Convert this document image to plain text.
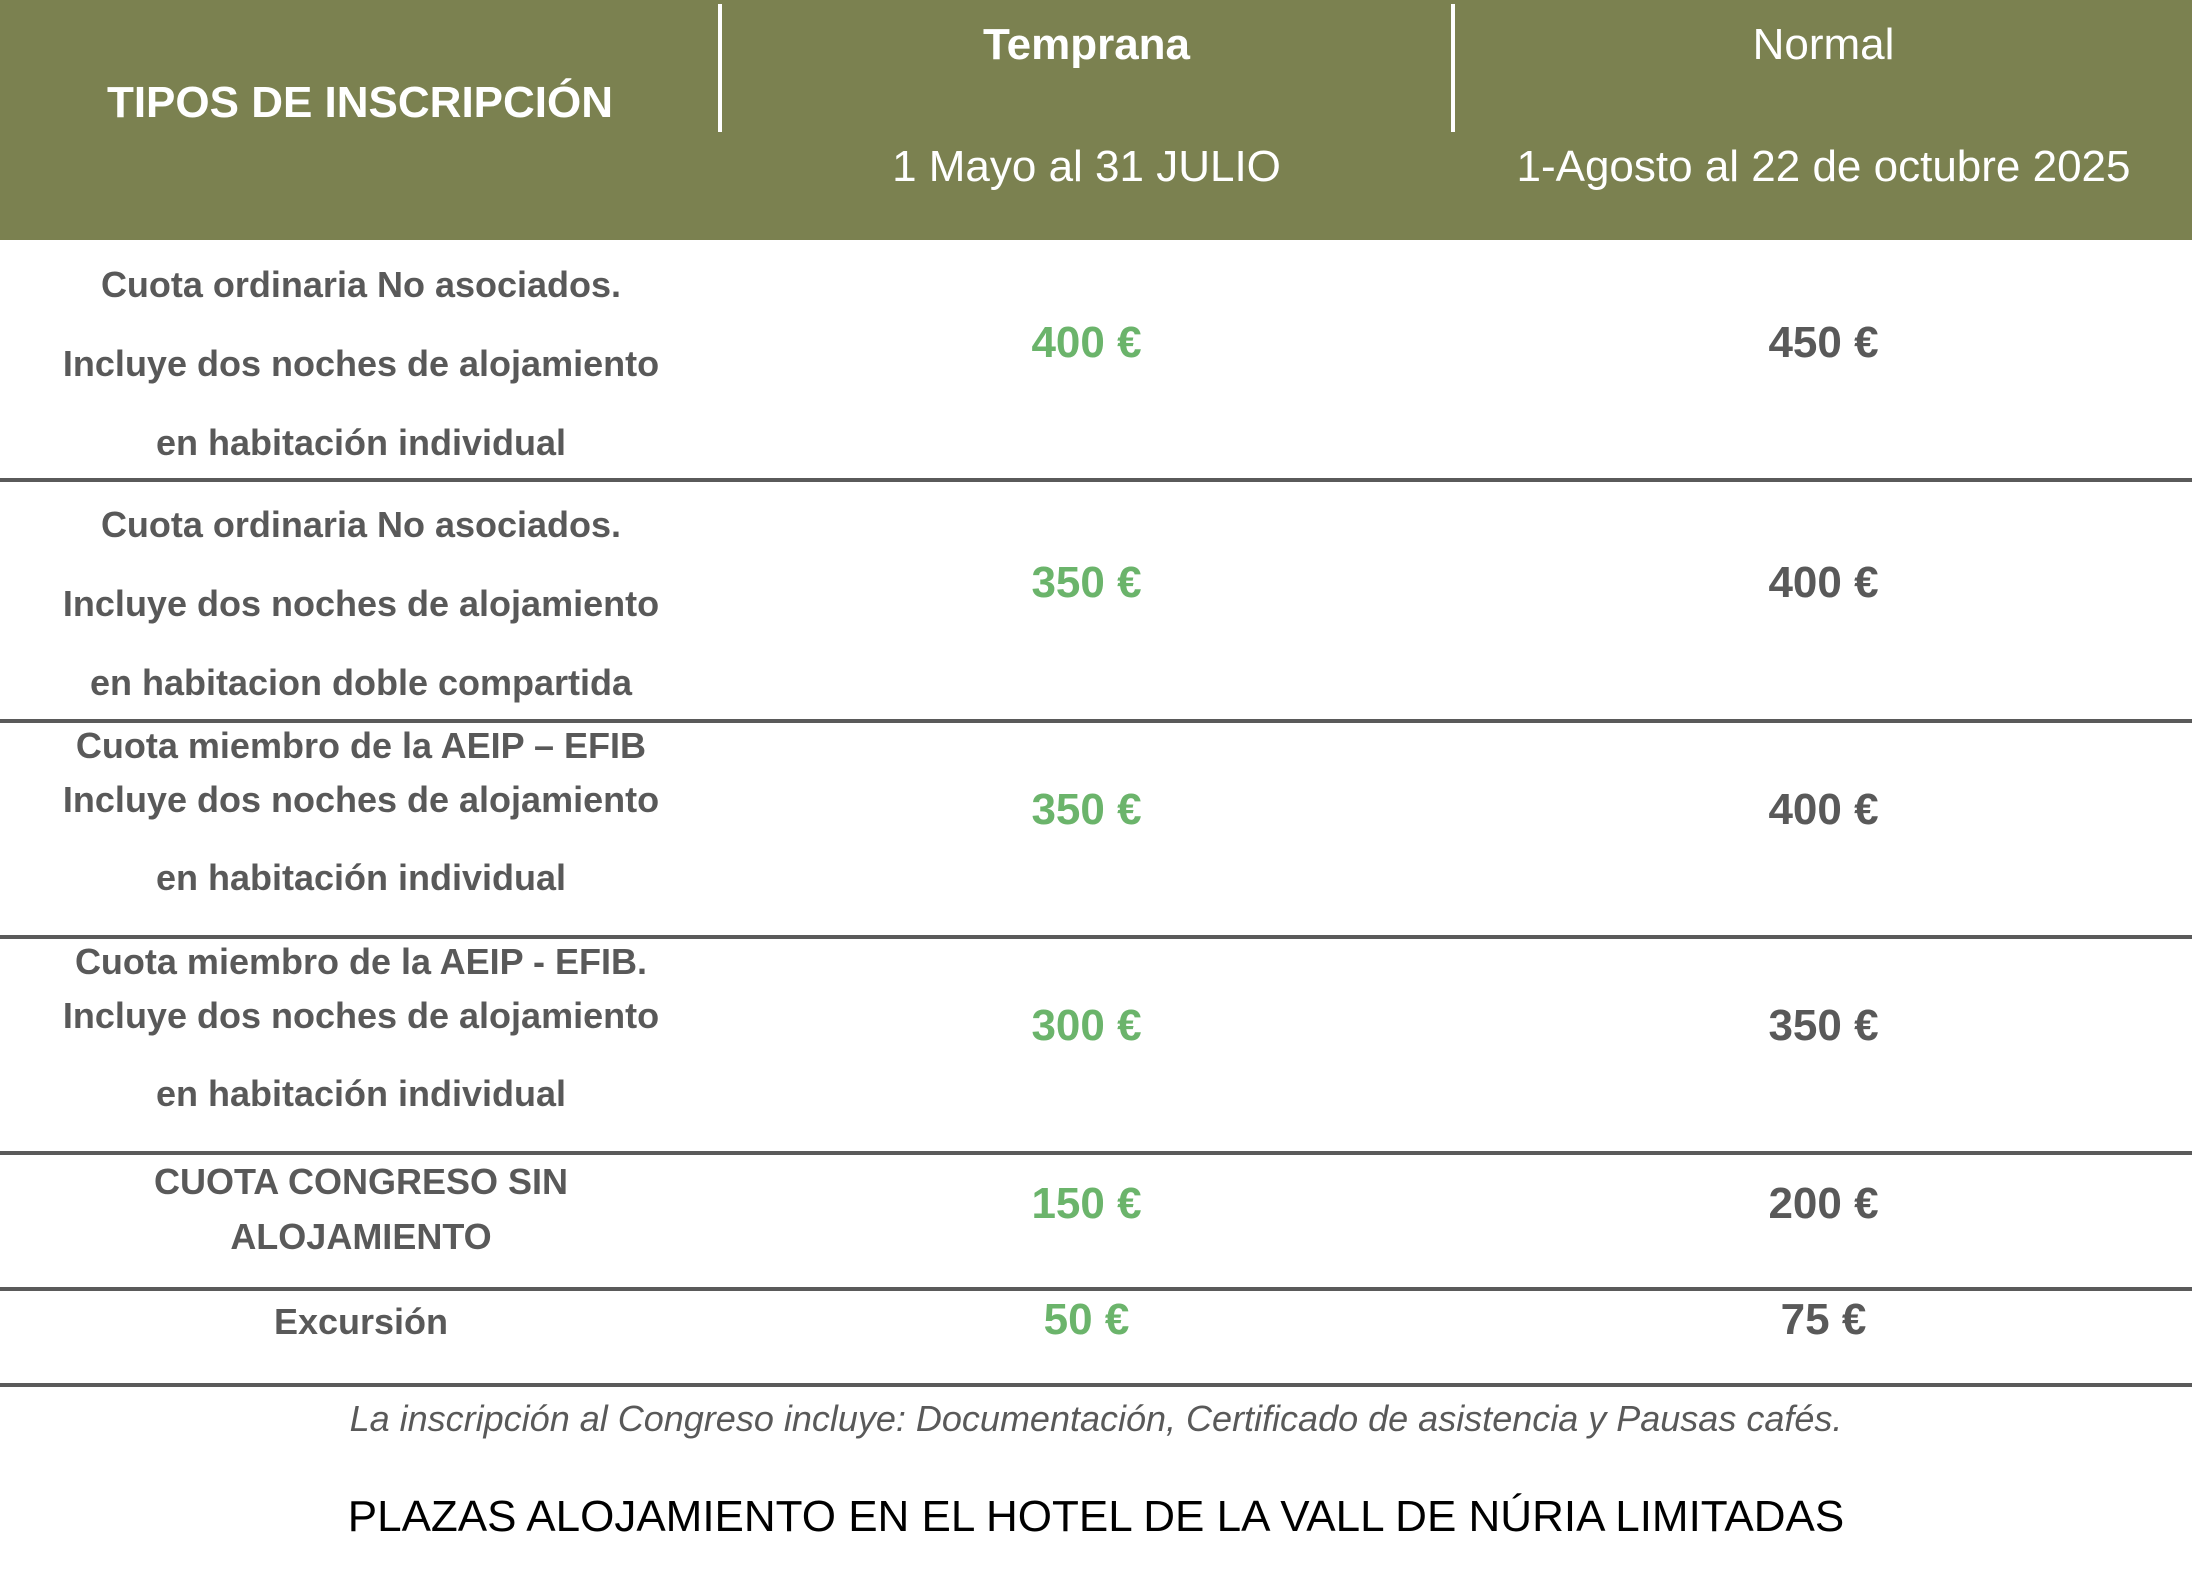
TIPOS DE INSCRIPCIÓN
Temprana	Normal
1 Mayo al 31 JULIO	1-Agosto al 22 de octubre 2025
Cuota ordinaria No asociados.
Incluye dos noches de alojamiento
en habitación individual
400 €	450 €
Cuota ordinaria No asociados.
Incluye dos noches de alojamiento
en habitacion doble compartida
350 €	400 €
Cuota miembro de la AEIP – EFIB
Incluye dos noches de alojamiento
en habitación individual
350 €	400 €
Cuota miembro de la AEIP - EFIB.
Incluye dos noches de alojamiento
en habitación individual
300 €	350 €
CUOTA CONGRESO SIN
ALOJAMIENTO
150 €	200 €
Excursión	50 €	75 €
La inscripción al Congreso incluye: Documentación, Certificado de asistencia y Pausas cafés.
PLAZAS ALOJAMIENTO EN EL HOTEL DE LA VALL DE NÚRIA LIMITADAS
